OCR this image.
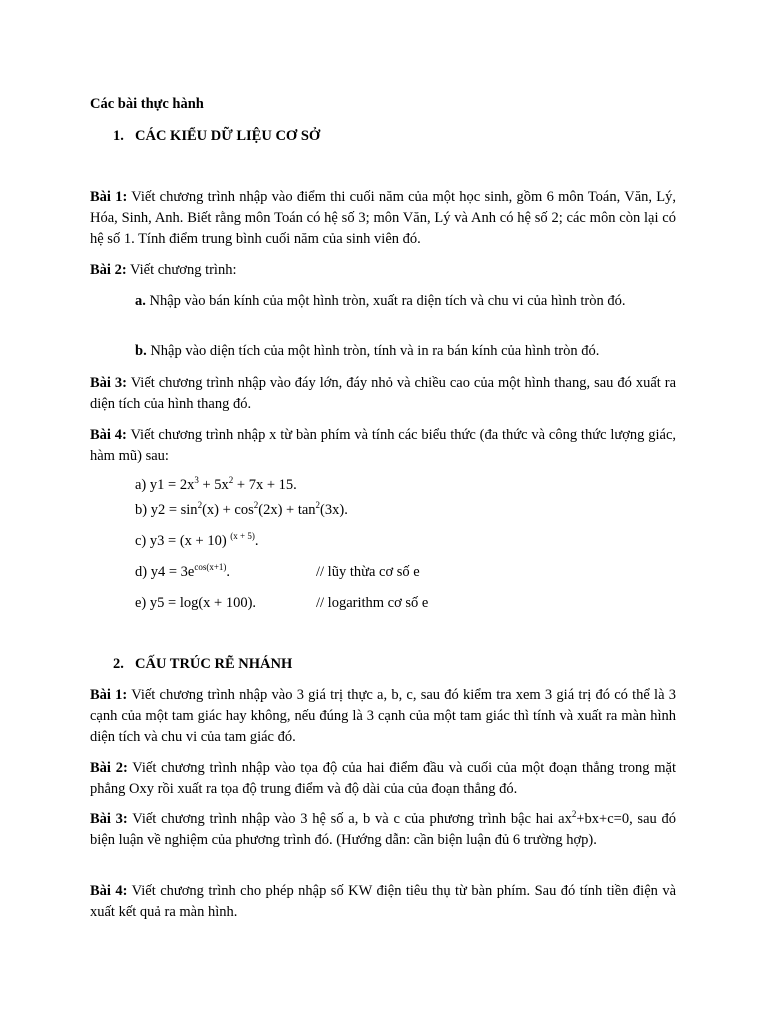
Các bài thực hành
1. CÁC KIỂU DỮ LIỆU CƠ SỞ
Bài 1: Viết chương trình nhập vào điểm thi cuối năm của một học sinh, gồm 6 môn Toán, Văn, Lý, Hóa, Sinh, Anh. Biết rằng môn Toán có hệ số 3; môn Văn, Lý và Anh có hệ số 2; các môn còn lại có hệ số 1. Tính điểm trung bình cuối năm của sinh viên đó.
Bài 2: Viết chương trình:
a. Nhập vào bán kính của một hình tròn, xuất ra diện tích và chu vi của hình tròn đó.
b. Nhập vào diện tích của một hình tròn, tính và in ra bán kính của hình tròn đó.
Bài 3: Viết chương trình nhập vào đáy lớn, đáy nhỏ và chiều cao của một hình thang, sau đó xuất ra diện tích của hình thang đó.
Bài 4: Viết chương trình nhập x từ bàn phím và tính các biểu thức (đa thức và công thức lượng giác, hàm mũ) sau:
a) $y1 = 2x^3 + 5x^2 + 7x + 15$.
b) $y2 = \sin^2(x) + \cos^2(2x) + \tan^2(3x)$.
c) y3 = (x + 10) $^{(x + 5)}$.
d) $y4 = 3e^{cos(x+1)}$.	// lũy thừa cơ số e
e) y5 = log(x + 100).	// logarithm cơ số e
2. CẤU TRÚC RẼ NHÁNH
Bài 1: Viết chương trình nhập vào 3 giá trị thực a, b, c, sau đó kiểm tra xem 3 giá trị đó có thể là 3 cạnh của một tam giác hay không, nếu đúng là 3 cạnh của một tam giác thì tính và xuất ra màn hình diện tích và chu vi của tam giác đó.
Bài 2: Viết chương trình nhập vào tọa độ của hai điểm đầu và cuối của một đoạn thẳng trong mặt phẳng Oxy rồi xuất ra tọa độ trung điểm và độ dài của của đoạn thẳng đó.
Bài 3: Viết chương trình nhập vào 3 hệ số a, b và c của phương trình bậc hai $ax^2+bx+c=0$, sau đó biện luận về nghiệm của phương trình đó. (Hướng dẫn: cần biện luận đủ 6 trường hợp).
Bài 4: Viết chương trình cho phép nhập số KW điện tiêu thụ từ bàn phím. Sau đó tính tiền điện và xuất kết quả ra màn hình.
